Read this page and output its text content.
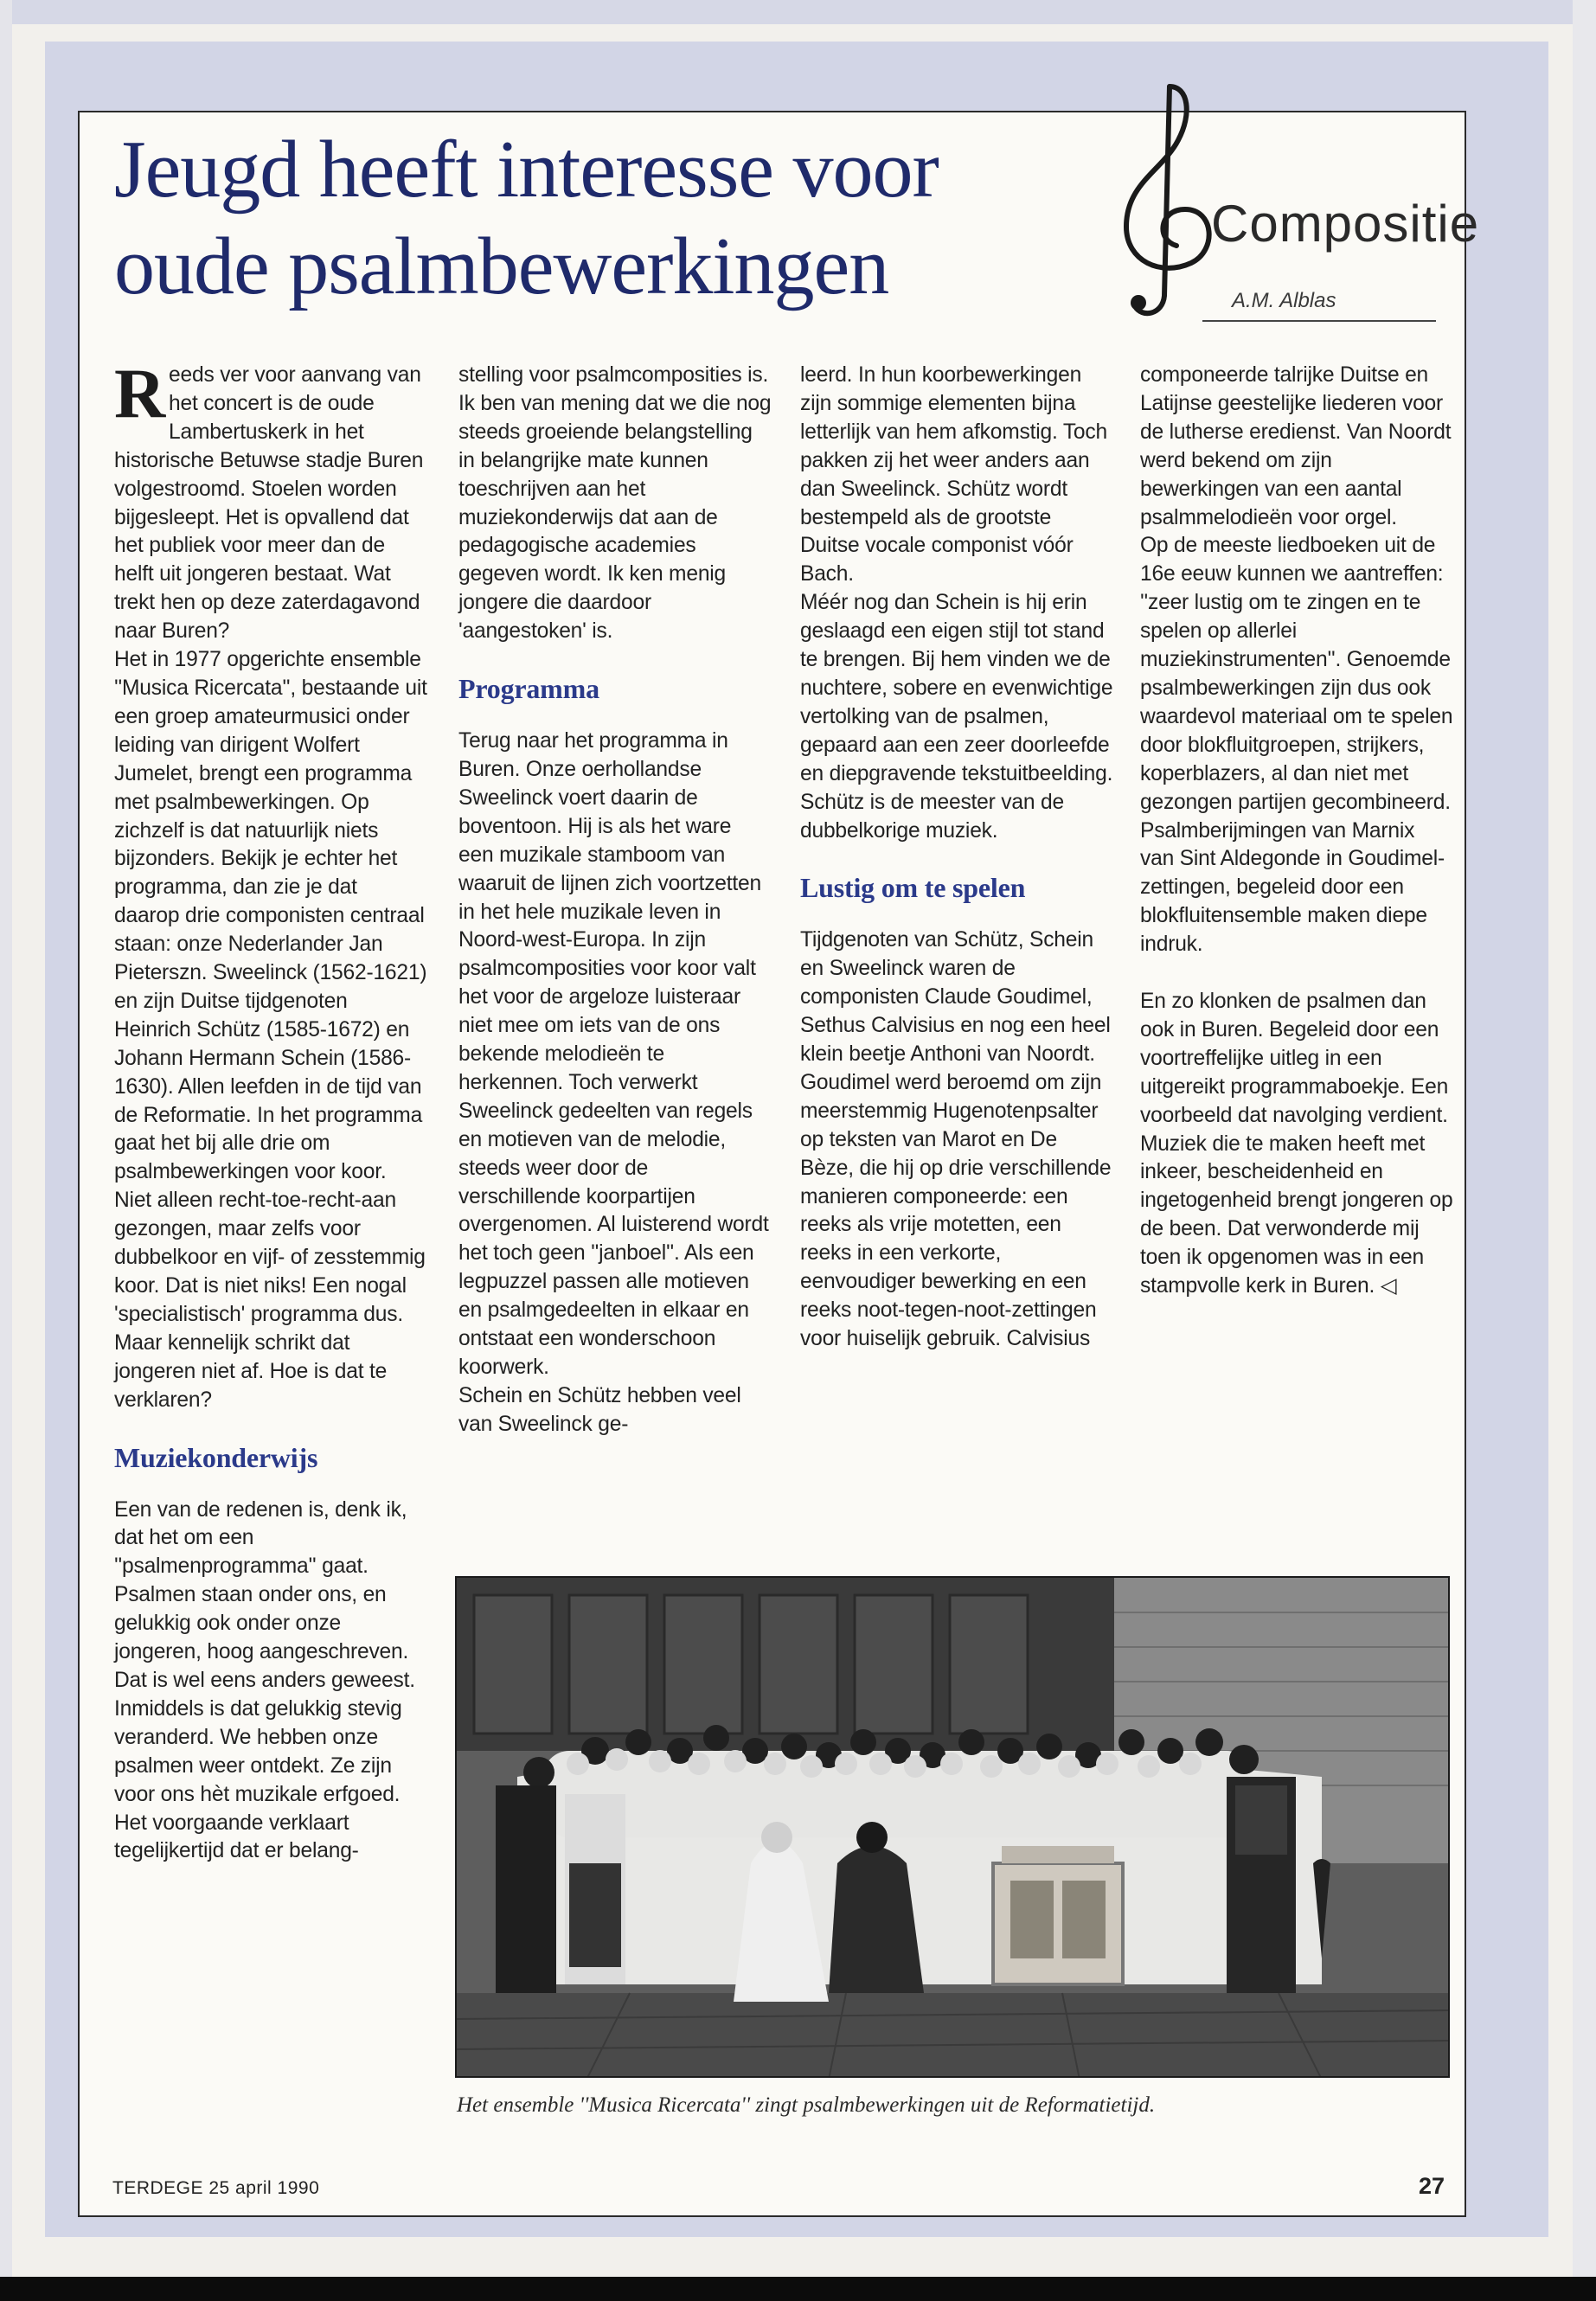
Jeugd heeft interesse voor
oude psalmbewerkingen	Compositie
A.M. Alblas

Reeds ver voor aanvang van het concert is de oude Lambertuskerk in het historische Betuwse stadje Buren volgestroomd. Stoelen worden bijgesleept. Het is opvallend dat het publiek voor meer dan de helft uit jongeren bestaat. Wat trekt hen op deze zaterdagavond naar Buren?

Het in 1977 opgerichte ensemble ''Musica Ricercata'', bestaande uit een groep amateurmusici onder leiding van dirigent Wolfert Jumelet, brengt een programma met psalmbewerkingen. Op zichzelf is dat natuurlijk niets bijzonders. Bekijk je echter het programma, dan zie je dat daarop drie componisten centraal staan: onze Nederlander Jan Pieterszn. Sweelinck (1562-1621) en zijn Duitse tijdgenoten Heinrich Schütz (1585-1672) en Johann Hermann Schein (1586-1630). Allen leefden in de tijd van de Reformatie. In het programma gaat het bij alle drie om psalmbewerkingen voor koor.

Niet alleen recht-toe-recht-aan gezongen, maar zelfs voor dubbelkoor en vijf- of zesstemmig koor. Dat is niet niks! Een nogal 'specialistisch' programma dus. Maar kennelijk schrikt dat jongeren niet af. Hoe is dat te verklaren?

Muziekonderwijs

Een van de redenen is, denk ik, dat het om een ''psalmenprogramma'' gaat. Psalmen staan onder ons, en gelukkig ook onder onze jongeren, hoog aangeschreven. Dat is wel eens anders geweest. Inmiddels is dat gelukkig stevig veranderd. We hebben onze psalmen weer ontdekt. Ze zijn voor ons hèt muzikale erfgoed.

Het voorgaande verklaart tegelijkertijd dat er belang-

stelling voor psalmcomposities is. Ik ben van mening dat we die nog steeds groeiende belangstelling in belangrijke mate kunnen toeschrijven aan het muziekonderwijs dat aan de pedagogische academies gegeven wordt. Ik ken menig jongere die daardoor 'aangestoken' is.

Programma

Terug naar het programma in Buren. Onze oerhollandse Sweelinck voert daarin de boventoon. Hij is als het ware een muzikale stamboom van waaruit de lijnen zich voortzetten in het hele muzikale leven in Noord-west-Europa. In zijn psalmcomposities voor koor valt het voor de argeloze luisteraar niet mee om iets van de ons bekende melodieën te herkennen. Toch verwerkt Sweelinck gedeelten van regels en motieven van de melodie, steeds weer door de verschillende koorpartijen overgenomen. Al luisterend wordt het toch geen ''janboel''. Als een legpuzzel passen alle motieven en psalmgedeelten in elkaar en ontstaat een wonderschoon koorwerk.

Schein en Schütz hebben veel van Sweelinck ge-

leerd. In hun koorbewerkingen zijn sommige elementen bijna letterlijk van hem afkomstig. Toch pakken zij het weer anders aan dan Sweelinck. Schütz wordt bestempeld als de grootste Duitse vocale componist vóór Bach.

Méér nog dan Schein is hij erin geslaagd een eigen stijl tot stand te brengen. Bij hem vinden we de nuchtere, sobere en evenwichtige vertolking van de psalmen, gepaard aan een zeer doorleefde en diepgravende tekstuitbeelding. Schütz is de meester van de dubbelkorige muziek.

Lustig om te spelen

Tijdgenoten van Schütz, Schein en Sweelinck waren de componisten Claude Goudimel, Sethus Calvisius en nog een heel klein beetje Anthoni van Noordt. Goudimel werd beroemd om zijn meerstemmig Hugenotenpsalter op teksten van Marot en De Bèze, die hij op drie verschillende manieren componeerde: een reeks als vrije motetten, een reeks in een verkorte, eenvoudiger bewerking en een reeks noot-tegen-noot-zettingen voor huiselijk gebruik. Calvisius

componeerde talrijke Duitse en Latijnse geestelijke liederen voor de lutherse eredienst. Van Noordt werd bekend om zijn bewerkingen van een aantal psalmmelodieën voor orgel.

Op de meeste liedboeken uit de 16e eeuw kunnen we aantreffen: ''zeer lustig om te zingen en te spelen op allerlei muziekinstrumenten''. Genoemde psalmbewerkingen zijn dus ook waardevol materiaal om te spelen door blokfluitgroepen, strijkers, koperblazers, al dan niet met gezongen partijen gecombineerd.

Psalmberijmingen van Marnix van Sint Aldegonde in Goudimel-zettingen, begeleid door een blokfluitensemble maken diepe indruk.

En zo klonken de psalmen dan ook in Buren. Begeleid door een voortreffelijke uitleg in een uitgereikt programmaboekje. Een voorbeeld dat navolging verdient. Muziek die te maken heeft met inkeer, bescheidenheid en ingetogenheid brengt jongeren op de been. Dat verwonderde mij toen ik opgenomen was in een stampvolle kerk in Buren. ◁

Het ensemble ''Musica Ricercata'' zingt psalmbewerkingen uit de Reformatietijd.
TERDEGE 25 april 1990	27
